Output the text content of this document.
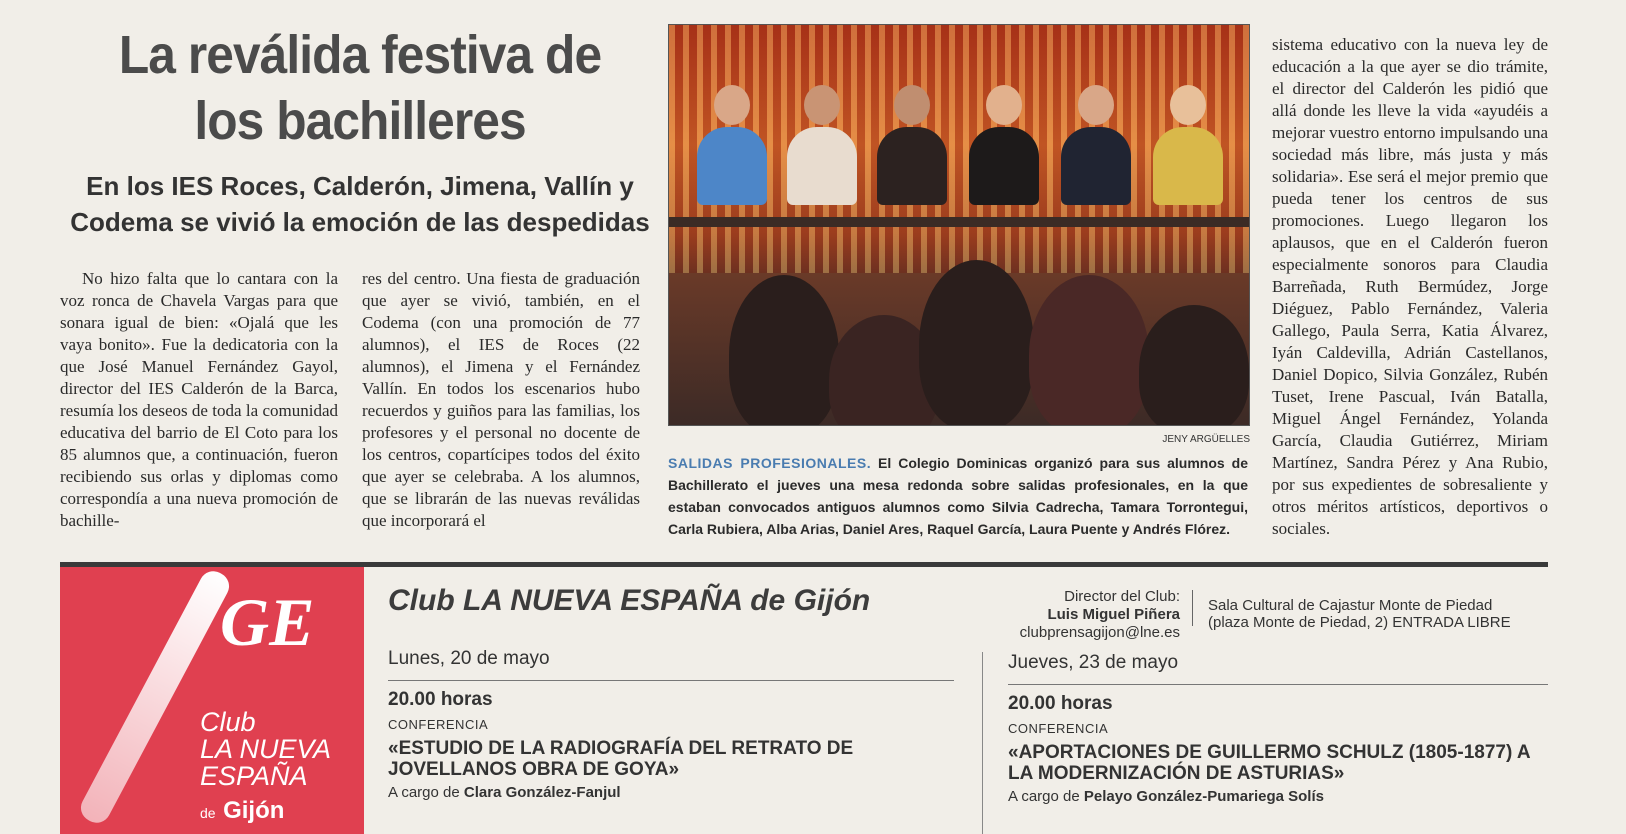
La reválida festiva de los bachilleres
En los IES Roces, Calderón, Jimena, Vallín y Codema se vivió la emoción de las despedidas

No hizo falta que lo cantara con la voz ronca de Chavela Vargas para que sonara igual de bien: «Ojalá que les vaya bonito». Fue la dedicatoria con la que José Manuel Fernández Gayol, director del IES Calderón de la Barca, resumía los deseos de toda la comunidad educativa del barrio de El Coto para los 85 alumnos que, a continuación, fueron recibiendo sus orlas y diplomas como correspondía a una nueva promoción de bachille-

res del centro. Una fiesta de graduación que ayer se vivió, también, en el Codema (con una promoción de 77 alumnos), el IES de Roces (22 alumnos), el Jimena y el Fernández Vallín. En todos los escenarios hubo recuerdos y guiños para las familias, los profesores y el personal no docente de los centros, copartícipes todos del éxito que ayer se celebraba. A los alumnos, que se librarán de las nuevas reválidas que incorporará el

sistema educativo con la nueva ley de educación a la que ayer se dio trámite, el director del Calderón les pidió que allá donde les lleve la vida «ayudéis a mejorar vuestro entorno impulsando una sociedad más libre, más justa y más solidaria». Ese será el mejor premio que pueda tener los centros de sus promociones. Luego llegaron los aplausos, que en el Calderón fueron especialmente sonoros para Claudia Barreñada, Ruth Bermúdez, Jorge Diéguez, Pablo Fernández, Valeria Gallego, Paula Serra, Katia Álvarez, Iyán Caldevilla, Adrián Castellanos, Daniel Dopico, Silvia González, Rubén Tuset, Irene Pascual, Iván Batalla, Miguel Ángel Fernández, Yolanda García, Claudia Gutiérrez, Miriam Martínez, Sandra Pérez y Ana Rubio, por sus expedientes de sobresaliente y otros méritos artísticos, deportivos o sociales.

JENY ARGÜELLES

SALIDAS PROFESIONALES. El Colegio Dominicas organizó para sus alumnos de Bachillerato el jueves una mesa redonda sobre salidas profesionales, en la que estaban convocados antiguos alumnos como Silvia Cadrecha, Tamara Torrontegui, Carla Rubiera, Alba Arias, Daniel Ares, Raquel García, Laura Puente y Andrés Flórez.

GE
Club
LA NUEVA
ESPAÑA
de Gijón
Club LA NUEVA ESPAÑA de Gijón	Director del Club:
Luis Miguel Piñera
clubprensagijon@lne.es
Sala Cultural de Cajastur Monte de Piedad
(plaza Monte de Piedad, 2) ENTRADA LIBRE
Lunes, 20 de mayo
20.00 horas
CONFERENCIA
«ESTUDIO DE LA RADIOGRAFÍA DEL RETRATO DE JOVELLANOS OBRA DE GOYA»
A cargo de Clara González-Fanjul
Jueves, 23 de mayo
20.00 horas
CONFERENCIA
«APORTACIONES DE GUILLERMO SCHULZ (1805-1877) A LA MODERNIZACIÓN DE ASTURIAS»
A cargo de Pelayo González-Pumariega Solís
